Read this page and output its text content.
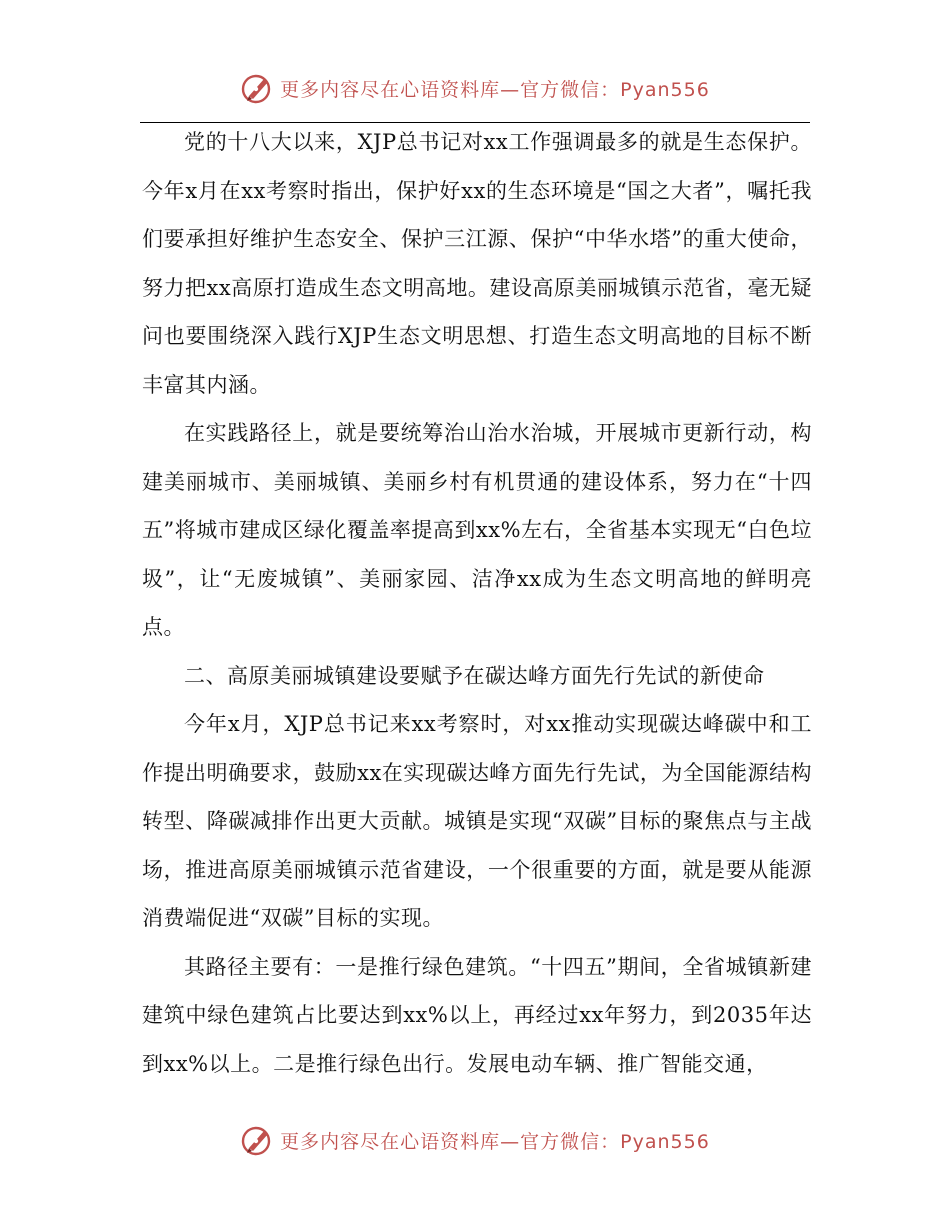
更多内容尽在心语资料库—官方微信：Pyan556

党的十八大以来，XJP总书记对xx工作强调最多的就是生态保护。今年x月在xx考察时指出，保护好xx的生态环境是“国之大者”，嘱托我们要承担好维护生态安全、保护三江源、保护“中华水塔”的重大使命，努力把xx高原打造成生态文明高地。建设高原美丽城镇示范省，毫无疑问也要围绕深入践行XJP生态文明思想、打造生态文明高地的目标不断丰富其内涵。

在实践路径上，就是要统筹治山治水治城，开展城市更新行动，构建美丽城市、美丽城镇、美丽乡村有机贯通的建设体系，努力在“十四五”将城市建成区绿化覆盖率提高到xx%左右，全省基本实现无“白色垃圾”，让“无废城镇”、美丽家园、洁净xx成为生态文明高地的鲜明亮点。

二、高原美丽城镇建设要赋予在碳达峰方面先行先试的新使命

今年x月，XJP总书记来xx考察时，对xx推动实现碳达峰碳中和工作提出明确要求，鼓励xx在实现碳达峰方面先行先试，为全国能源结构转型、降碳减排作出更大贡献。城镇是实现“双碳”目标的聚焦点与主战场，推进高原美丽城镇示范省建设，一个很重要的方面，就是要从能源消费端促进“双碳”目标的实现。

其路径主要有：一是推行绿色建筑。“十四五”期间，全省城镇新建建筑中绿色建筑占比要达到xx%以上，再经过xx年努力，到2035年达到xx%以上。二是推行绿色出行。发展电动车辆、推广智能交通，

更多内容尽在心语资料库—官方微信：Pyan556
